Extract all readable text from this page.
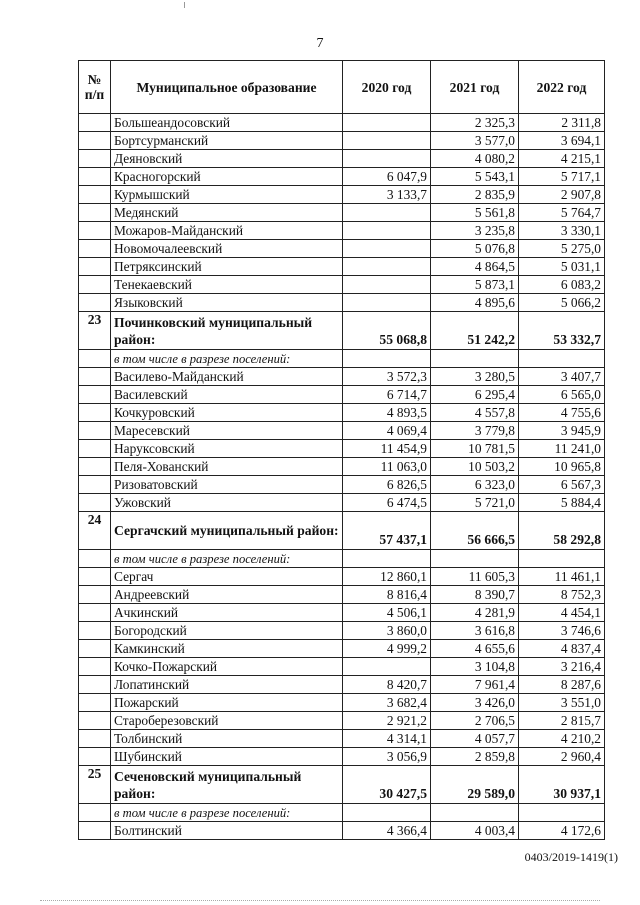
7
№ п/п	Муниципальное образование	2020 год	2021 год	2022 год
	Большеандосовский		2 325,3	2 311,8
	Бортсурманский		3 577,0	3 694,1
	Деяновский		4 080,2	4 215,1
	Красногорский	6 047,9	5 543,1	5 717,1
	Курмышский	3 133,7	2 835,9	2 907,8
	Медянский		5 561,8	5 764,7
	Можаров-Майданский		3 235,8	3 330,1
	Новомочалеевский		5 076,8	5 275,0
	Петряксинский		4 864,5	5 031,1
	Тенекаевский		5 873,1	6 083,2
	Языковский		4 895,6	5 066,2
23	Починковский муниципальный район:	55 068,8	51 242,2	53 332,7
	в том числе в разрезе поселений:			
	Василево-Майданский	3 572,3	3 280,5	3 407,7
	Василевский	6 714,7	6 295,4	6 565,0
	Кочкуровский	4 893,5	4 557,8	4 755,6
	Маресевский	4 069,4	3 779,8	3 945,9
	Наруксовский	11 454,9	10 781,5	11 241,0
	Пеля-Хованский	11 063,0	10 503,2	10 965,8
	Ризоватовский	6 826,5	6 323,0	6 567,3
	Ужовский	6 474,5	5 721,0	5 884,4
24	Сергачский муниципальный район:	57 437,1	56 666,5	58 292,8
	в том числе в разрезе поселений:			
	Сергач	12 860,1	11 605,3	11 461,1
	Андреевский	8 816,4	8 390,7	8 752,3
	Ачкинский	4 506,1	4 281,9	4 454,1
	Богородский	3 860,0	3 616,8	3 746,6
	Камкинский	4 999,2	4 655,6	4 837,4
	Кочко-Пожарский		3 104,8	3 216,4
	Лопатинский	8 420,7	7 961,4	8 287,6
	Пожарский	3 682,4	3 426,0	3 551,0
	Староберезовский	2 921,2	2 706,5	2 815,7
	Толбинский	4 314,1	4 057,7	4 210,2
	Шубинский	3 056,9	2 859,8	2 960,4
25	Сеченовский муниципальный район:	30 427,5	29 589,0	30 937,1
	в том числе в разрезе поселений:			
	Болтинский	4 366,4	4 003,4	4 172,6
0403/2019-1419(1)
